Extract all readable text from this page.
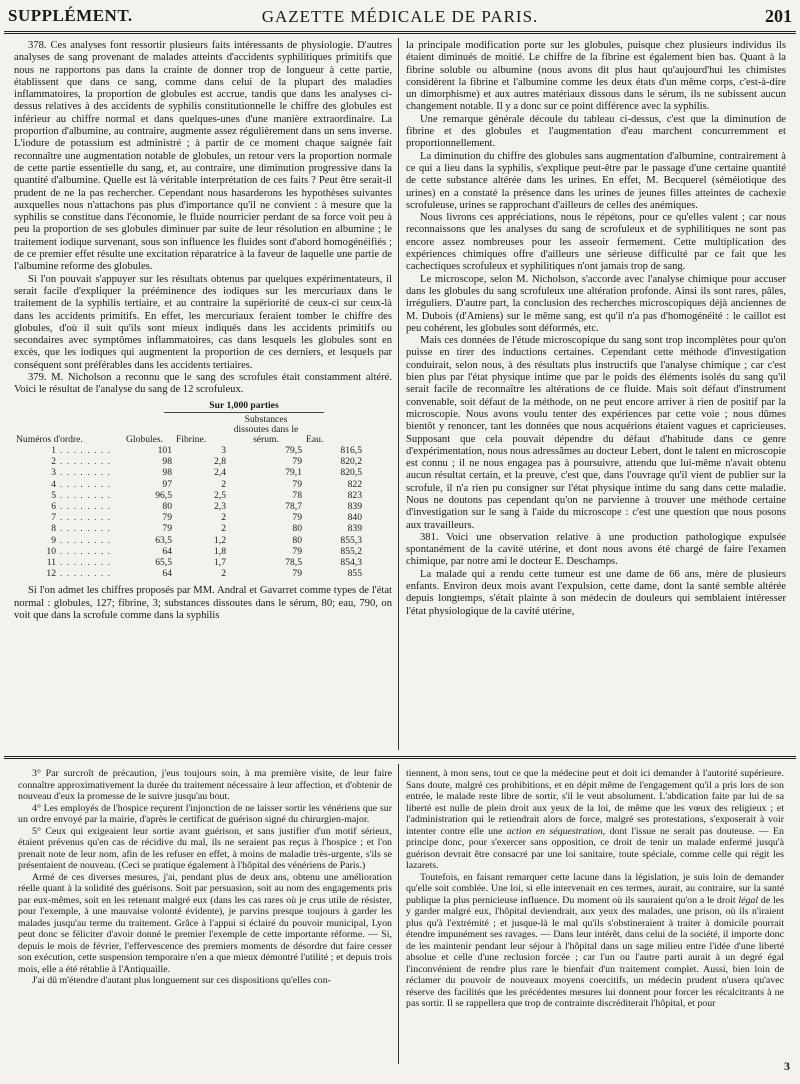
SUPPLÉMENT.	GAZETTE MÉDICALE DE PARIS.	201

378. Ces analyses font ressortir plusieurs faits intéressants de physiologie. D'autres analyses de sang provenant de malades atteints d'accidents syphilitiques primitifs que nous ne rapportons pas dans la crainte de donner trop de longueur à cette partie, établissent que dans ce sang, comme dans celui de la plupart des maladies inflammatoires, la proportion de globules est accrue, tandis que dans les analyses ci-dessus relatives à des accidents de syphilis constitutionnelle le chiffre des globules est inférieur au chiffre normal et dans quelques-unes d'une manière extraordinaire. La proportion d'albumine, au contraire, augmente assez régulièrement dans un sens inverse. L'iodure de potassium est administré ; à partir de ce moment chaque saignée fait reconnaître une augmentation notable de globules, un retour vers la proportion normale de cette partie essentielle du sang, et, au contraire, une diminution progressive dans la quantité d'albumine. Quelle est là véritable interprétation de ces faits ? Peut être serait-il prudent de ne la pas rechercher. Cependant nous hasarderons les hypothèses suivantes auxquelles nous n'attachons pas plus d'importance qu'il ne convient : à mesure que la syphilis se constitue dans l'économie, le fluide nourricier perdant de sa force voit peu à peu la proportion de ses globules diminuer par suite de leur résolution en albumine ; le traitement iodique survenant, sous son influence les fluides sont d'abord homogénéifiés ; de ce premier effet résulte une excitation réparatrice à la faveur de laquelle une partie de l'albumine reforme des globules.

Si l'on pouvait s'appuyer sur les résultats obtenus par quelques expérimentateurs, il serait facile d'expliquer la prééminence des iodiques sur les mercuriaux dans le traitement de la syphilis tertiaire, et au contraire la supériorité de ceux-ci sur ceux-là dans les accidents primitifs. En effet, les mercuriaux feraient tomber le chiffre des globules, d'où il suit qu'ils sont mieux indiqués dans les accidents primitifs ou secondaires avec symptômes inflammatoires, cas dans lesquels les globules sont en excès, que les iodiques qui augmentent la proportion de ces derniers, et lesquels par conséquent sont préférables dans les accidents tertiaires.

379. M. Nicholson a reconnu que le sang des scrofules était constamment altéré. Voici le résultat de l'analyse du sang de 12 scrofuleux.

Sur 1,000 parties
Numéros d'ordre.		Globules.	Fibrine.	Substances dissoutes dans le sérum.	Eau.
1	. . . . . . . .	101	3	79,5	816,5
2	. . . . . . . .	98	2,8	79	820,2
3	. . . . . . . .	98	2,4	79,1	820,5
4	. . . . . . . .	97	2	79	822
5	. . . . . . . .	96,5	2,5	78	823
6	. . . . . . . .	80	2,3	78,7	839
7	. . . . . . . .	79	2	79	840
8	. . . . . . . .	79	2	80	839
9	. . . . . . . .	63,5	1,2	80	855,3
10	. . . . . . . .	64	1,8	79	855,2
11	. . . . . . . .	65,5	1,7	78,5	854,3
12	. . . . . . . .	64	2	79	855

Si l'on admet les chiffres proposés par MM. Andral et Gavarret comme types de l'état normal : globules, 127; fibrine, 3; substances dissoutes dans le sérum, 80; eau, 790, on voit que dans la scrofule comme dans la syphilis

la principale modification porte sur les globules, puisque chez plusieurs individus ils étaient diminués de moitié. Le chiffre de la fibrine est également bien bas. Quant à la fibrine soluble ou albumine (nous avons dit plus haut qu'aujourd'hui les chimistes considèrent la fibrine et l'albumine comme les deux états d'un même corps, c'est-à-dire un dimorphisme) et aux autres matériaux dissous dans le sérum, ils ne subissent aucun changement notable. Il y a donc sur ce point différence avec la syphilis.

Une remarque générale découle du tableau ci-dessus, c'est que la diminution de fibrine et des globules et l'augmentation d'eau marchent concurremment et proportionnellement.

La diminution du chiffre des globules sans augmentation d'albumine, contrairement à ce qui a lieu dans la syphilis, s'explique peut-être par le passage d'une certaine quantité de cette substance altérée dans les urines. En effet, M. Becquerel (séméiotique des urines) en a constaté la présence dans les urines de jeunes filles atteintes de cachexie scrofuleuse, urines se rapprochant d'ailleurs de celles des anémiques.

Nous livrons ces appréciations, nous le répétons, pour ce qu'elles valent ; car nous reconnaissons que les analyses du sang de scrofuleux et de syphilitiques ne sont pas encore assez nombreuses pour les asseoir fermement. Cette multiplication des expériences chimiques offre d'ailleurs une sérieuse difficulté par ce fait que les cachectiques scrofuleux et syphilitiques n'ont jamais trop de sang.

Le microscope, selon M. Nicholson, s'accorde avec l'analyse chimique pour accuser dans les globules du sang scrofuleux une altération profonde. Ainsi ils sont rares, pâles, irréguliers. D'autre part, la conclusion des recherches microscopiques déjà anciennes de M. Dubois (d'Amiens) sur le même sang, est qu'il n'a pas d'homogénéité : le caillot est peu cohérent, les globules sont déformés, etc.

Mais ces données de l'étude microscopique du sang sont trop incomplètes pour qu'on puisse en tirer des inductions certaines. Cependant cette méthode d'investigation conduirait, selon nous, à des résultats plus instructifs que l'analyse chimique ; car c'est bien plus par l'état physique intime que par le poids des éléments isolés du sang qu'il serait facile de reconnaître les altérations de ce fluide. Mais soit défaut d'instrument convenable, soit défaut de la méthode, on ne peut encore arriver à rien de positif par la microscopie. Nous avons voulu tenter des expériences par cette voie ; nous dûmes bientôt y renoncer, tant les données que nous acquérions étaient vagues et capricieuses. Supposant que cela pouvait dépendre du défaut d'habitude dans ce genre d'expérimentation, nous nous adressâmes au docteur Lebert, dont le talent en microscopie est connu ; il ne nous engagea pas à poursuivre, attendu que lui-même n'avait obtenu aucun résultat certain, et la preuve, c'est que, dans l'ouvrage qu'il vient de publier sur la scrofule, il n'a rien pu consigner sur l'état physique intime du sang dans cette maladie. Nous ne doutons pas cependant qu'on ne parvienne à trouver une méthode certaine d'investigation sur le sang à l'aide du microscope : c'est une question que nous posons aux travailleurs.

381. Voici une observation relative à une production pathologique expulsée spontanément de la cavité utérine, et dont nous avons été chargé de faire l'examen chimique, par notre ami le docteur E. Deschamps.

La malade qui a rendu cette tumeur est une dame de 66 ans, mère de plusieurs enfants. Environ deux mois avant l'expulsion, cette dame, dont la santé semble altérée depuis longtemps, s'était plainte à son médecin de douleurs qui semblaient intéresser l'état physiologique de la cavité utérine,

3° Par surcroît de précaution, j'eus toujours soin, à ma première visite, de leur faire connaître approximativement la durée du traitement nécessaire à leur affection, et d'obtenir de nouveau d'eux la promesse de le suivre jusqu'au bout.

4° Les employés de l'hospice reçurent l'injonction de ne laisser sortir les vénériens que sur un ordre envoyé par la mairie, d'après le certificat de guérison signé du chirurgien-major.

5° Ceux qui exigeaient leur sortie avant guérison, et sans justifier d'un motif sérieux, étaient prévenus qu'en cas de récidive du mal, ils ne seraient pas reçus à l'hospice ; et l'on prenait note de leur nom, afin de les refuser en effet, à moins de maladie très-urgente, s'ils se présentaient de nouveau. (Ceci se pratique également à l'hôpital des vénériens de Paris.)

Armé de ces diverses mesures, j'ai, pendant plus de deux ans, obtenu une amélioration réelle quant à la solidité des guérisons. Soit par persuasion, soit au nom des engagements pris par eux-mêmes, soit en les retenant malgré eux (dans les cas rares où je crus utile de résister, pour l'exemple, à une mauvaise volonté évidente), je parvins presque toujours à garder les malades jusqu'au terme du traitement. Grâce à l'appui si éclairé du pouvoir municipal, Lyon peut donc se féliciter d'avoir donné le premier l'exemple de cette importante réforme. — Si, depuis le mois de février, l'effervescence des premiers moments de désordre dut faire cesser son exécution, cette suspension temporaire n'en a que mieux démontré l'utilité ; et depuis trois mois, elle a été rétablie à l'Antiquaille.

J'ai dû m'étendre d'autant plus longuement sur ces dispositions qu'elles con-

tiennent, à mon sens, tout ce que la médecine peut et doit ici demander à l'autorité supérieure. Sans doute, malgré ces prohibitions, et en dépit même de l'engagement qu'il a pris lors de son entrée, le malade reste libre de sortir, s'il le veut absolument. L'abdication faite par lui de sa liberté est nulle de plein droit aux yeux de la loi, de même que les vœux des religieux ; et l'administration qui le retiendrait alors de force, malgré ses protestations, s'exposerait à voir intenter contre elle une action en séquestration, dont l'issue ne serait pas douteuse. — En principe donc, pour s'exercer sans opposition, ce droit de tenir un malade enfermé jusqu'à guérison devrait être consacré par une loi sanitaire, toute spéciale, comme celle qui régit les lazarets.

Toutefois, en faisant remarquer cette lacune dans la législation, je suis loin de demander qu'elle soit comblée. Une loi, si elle intervenait en ces termes, aurait, au contraire, sur la santé publique la plus pernicieuse influence. Du moment où ils sauraient qu'on a le droit légal de les y garder malgré eux, l'hôpital deviendrait, aux yeux des malades, une prison, où ils n'iraient plus qu'à l'extrémité ; et jusque-là le mal qu'ils s'obstineraient à traiter à domicile pourrait étendre impunément ses ravages. — Dans leur intérêt, dans celui de la société, il importe donc de les maintenir pendant leur séjour à l'hôpital dans un sage milieu entre l'idée d'une liberté absolue et celle d'une reclusion forcée ; car l'un ou l'autre parti aurait à un degré égal l'inconvénient de rendre plus rare le bienfait d'un traitement complet. Aussi, bien loin de réclamer du pouvoir de nouveaux moyens coercitifs, un médecin prudent n'usera qu'avec réserve des facilités que les précédentes mesures lui donnent pour forcer les récalcitrants à ne pas sortir. Il se rappellera que trop de contrainte discréditerait l'hôpital, et pour

3
